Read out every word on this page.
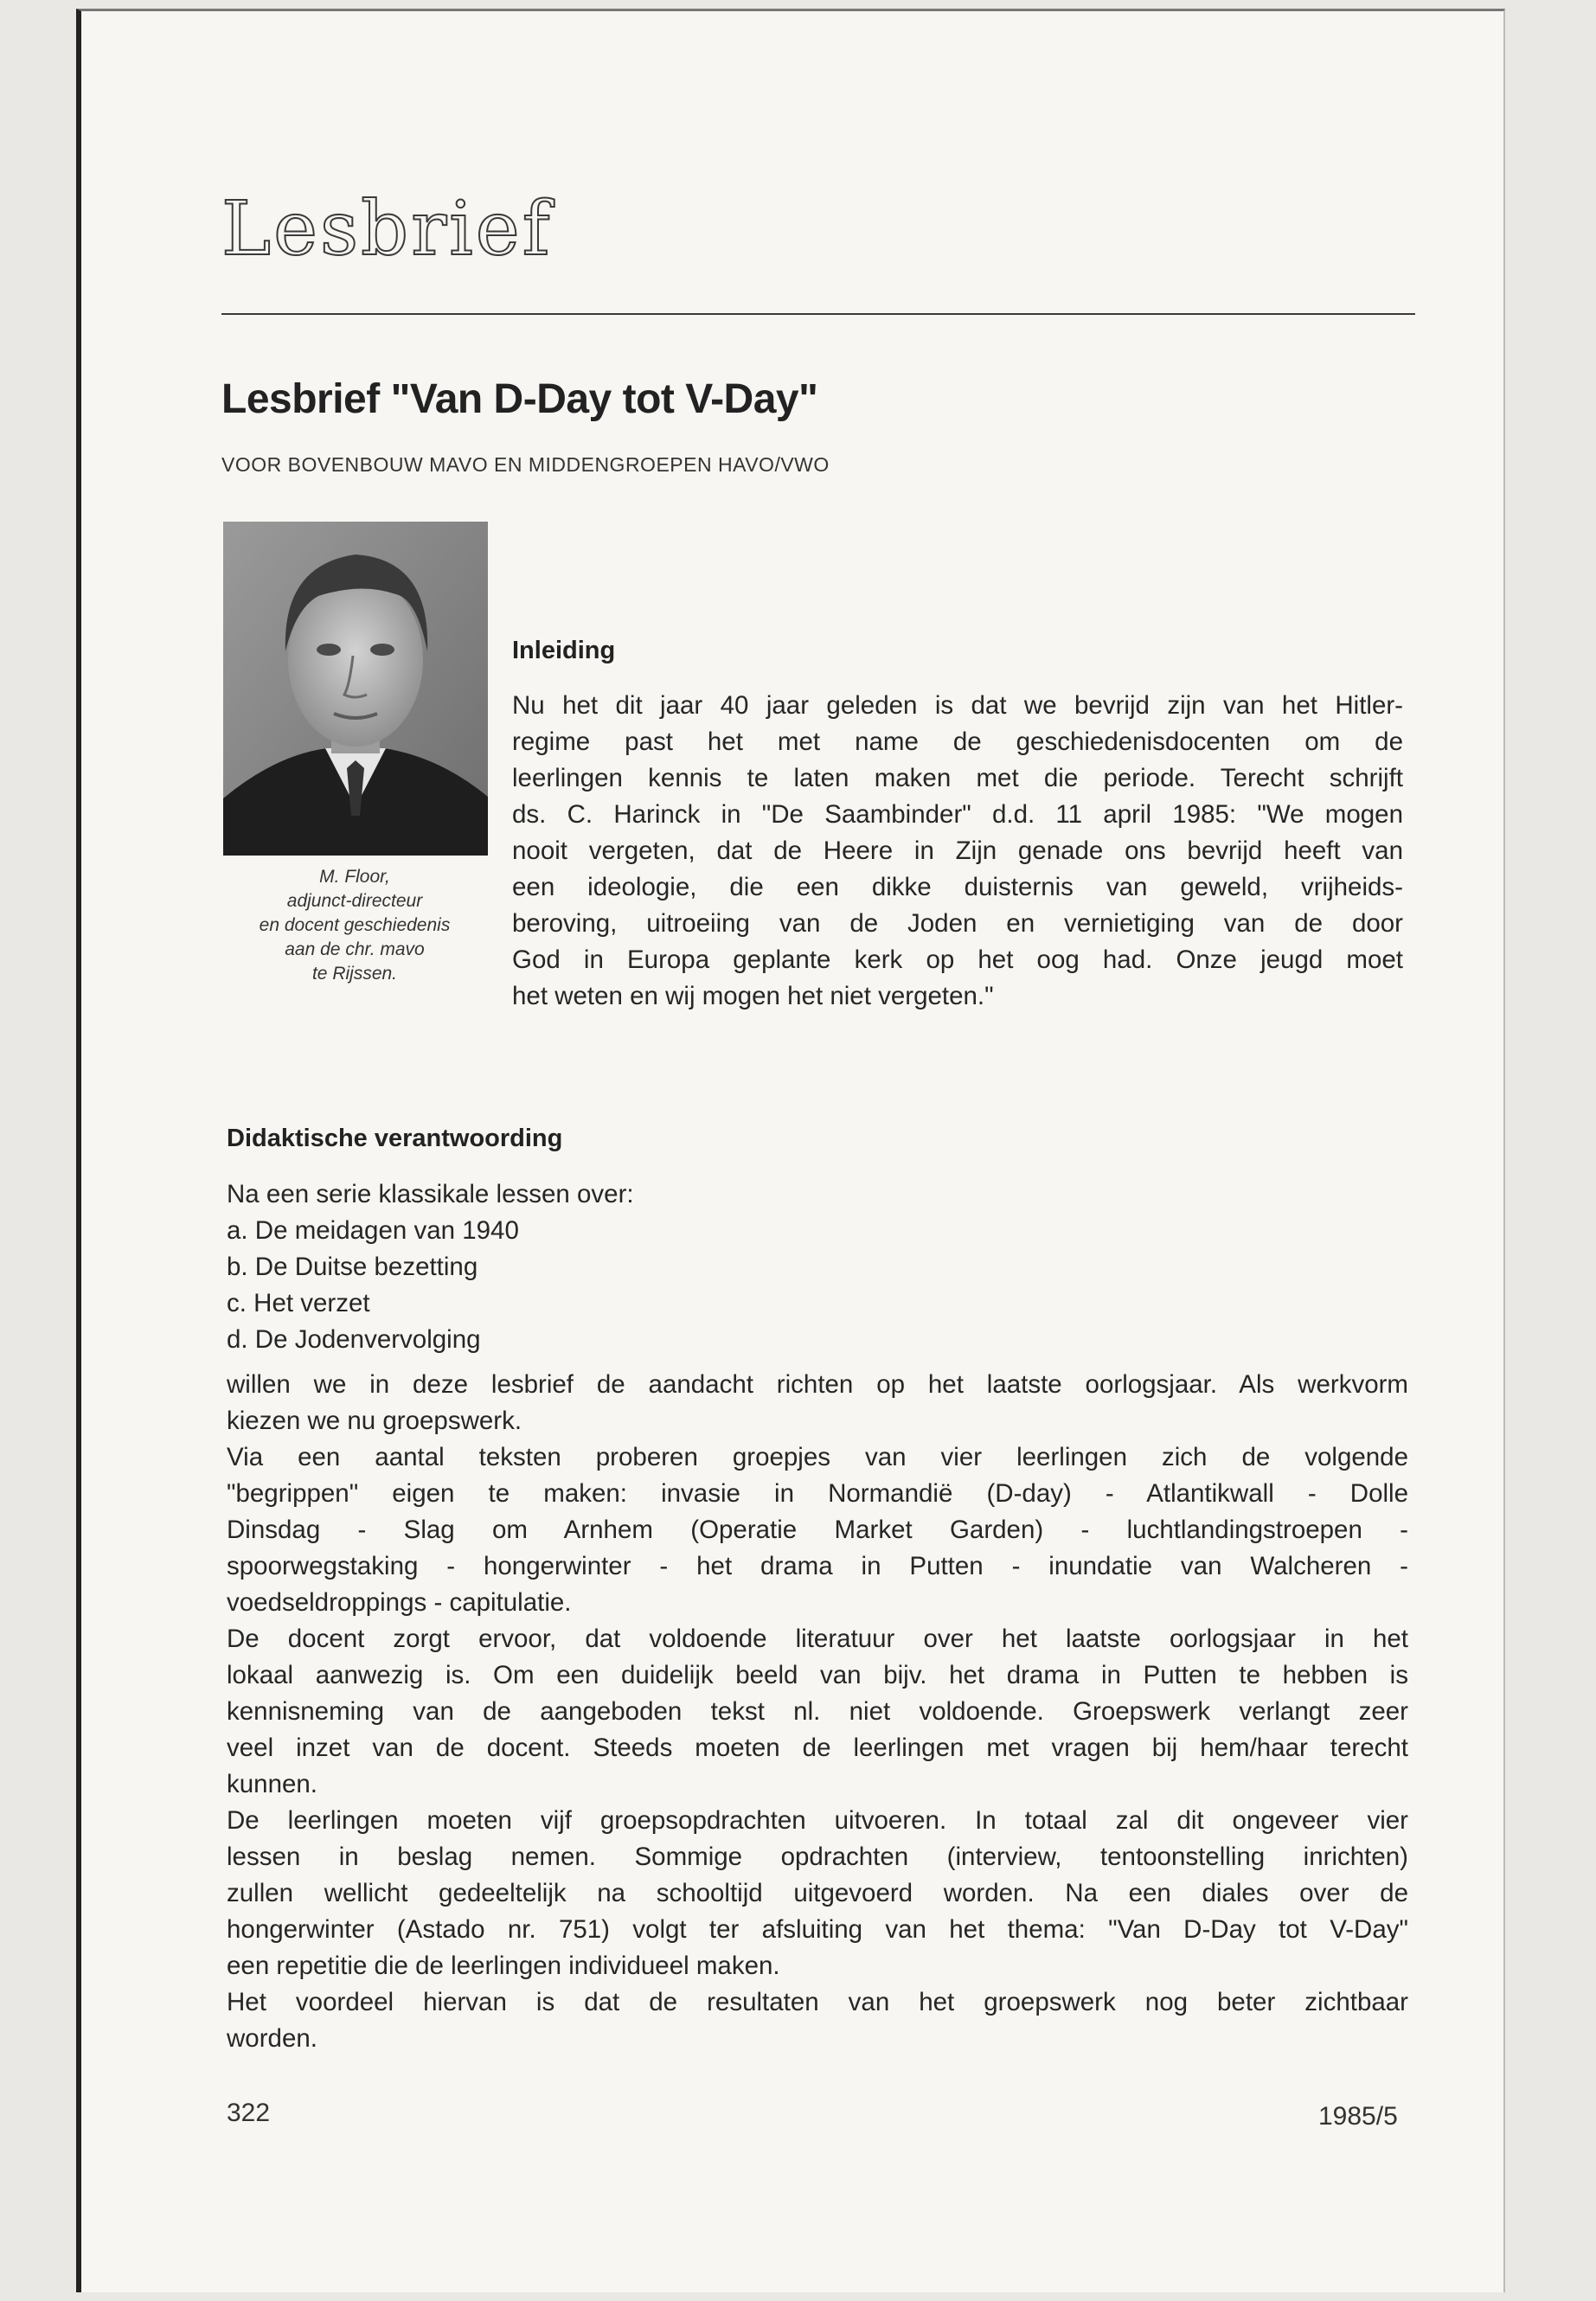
Lesbrief
Lesbrief "Van D-Day tot V-Day"
VOOR BOVENBOUW MAVO EN MIDDENGROEPEN HAVO/VWO
M. Floor,
adjunct-directeur
en docent geschiedenis
aan de chr. mavo
te Rijssen.
Inleiding
Nu het dit jaar 40 jaar geleden is dat we bevrijd zijn van het Hitler-
regime past het met name de geschiedenisdocenten om de
leerlingen kennis te laten maken met die periode. Terecht schrijft
ds. C. Harinck in "De Saambinder" d.d. 11 april 1985: "We mogen
nooit vergeten, dat de Heere in Zijn genade ons bevrijd heeft van
een ideologie, die een dikke duisternis van geweld, vrijheids-
beroving, uitroeiing van de Joden en vernietiging van de door
God in Europa geplante kerk op het oog had. Onze jeugd moet
het weten en wij mogen het niet vergeten."
Didaktische verantwoording
Na een serie klassikale lessen over:
a. De meidagen van 1940
b. De Duitse bezetting
c. Het verzet
d. De Jodenvervolging
willen we in deze lesbrief de aandacht richten op het laatste oorlogsjaar. Als werkvorm
kiezen we nu groepswerk.
Via een aantal teksten proberen groepjes van vier leerlingen zich de volgende
"begrippen" eigen te maken: invasie in Normandië (D-day) - Atlantikwall - Dolle
Dinsdag - Slag om Arnhem (Operatie Market Garden) - luchtlandingstroepen -
spoorwegstaking - hongerwinter - het drama in Putten - inundatie van Walcheren -
voedseldroppings - capitulatie.
De docent zorgt ervoor, dat voldoende literatuur over het laatste oorlogsjaar in het
lokaal aanwezig is. Om een duidelijk beeld van bijv. het drama in Putten te hebben is
kennisneming van de aangeboden tekst nl. niet voldoende. Groepswerk verlangt zeer
veel inzet van de docent. Steeds moeten de leerlingen met vragen bij hem/haar terecht
kunnen.
De leerlingen moeten vijf groepsopdrachten uitvoeren. In totaal zal dit ongeveer vier
lessen in beslag nemen. Sommige opdrachten (interview, tentoonstelling inrichten)
zullen wellicht gedeeltelijk na schooltijd uitgevoerd worden. Na een diales over de
hongerwinter (Astado nr. 751) volgt ter afsluiting van het thema: "Van D-Day tot V-Day"
een repetitie die de leerlingen individueel maken.
Het voordeel hiervan is dat de resultaten van het groepswerk nog beter zichtbaar
worden.
322	1985/5
